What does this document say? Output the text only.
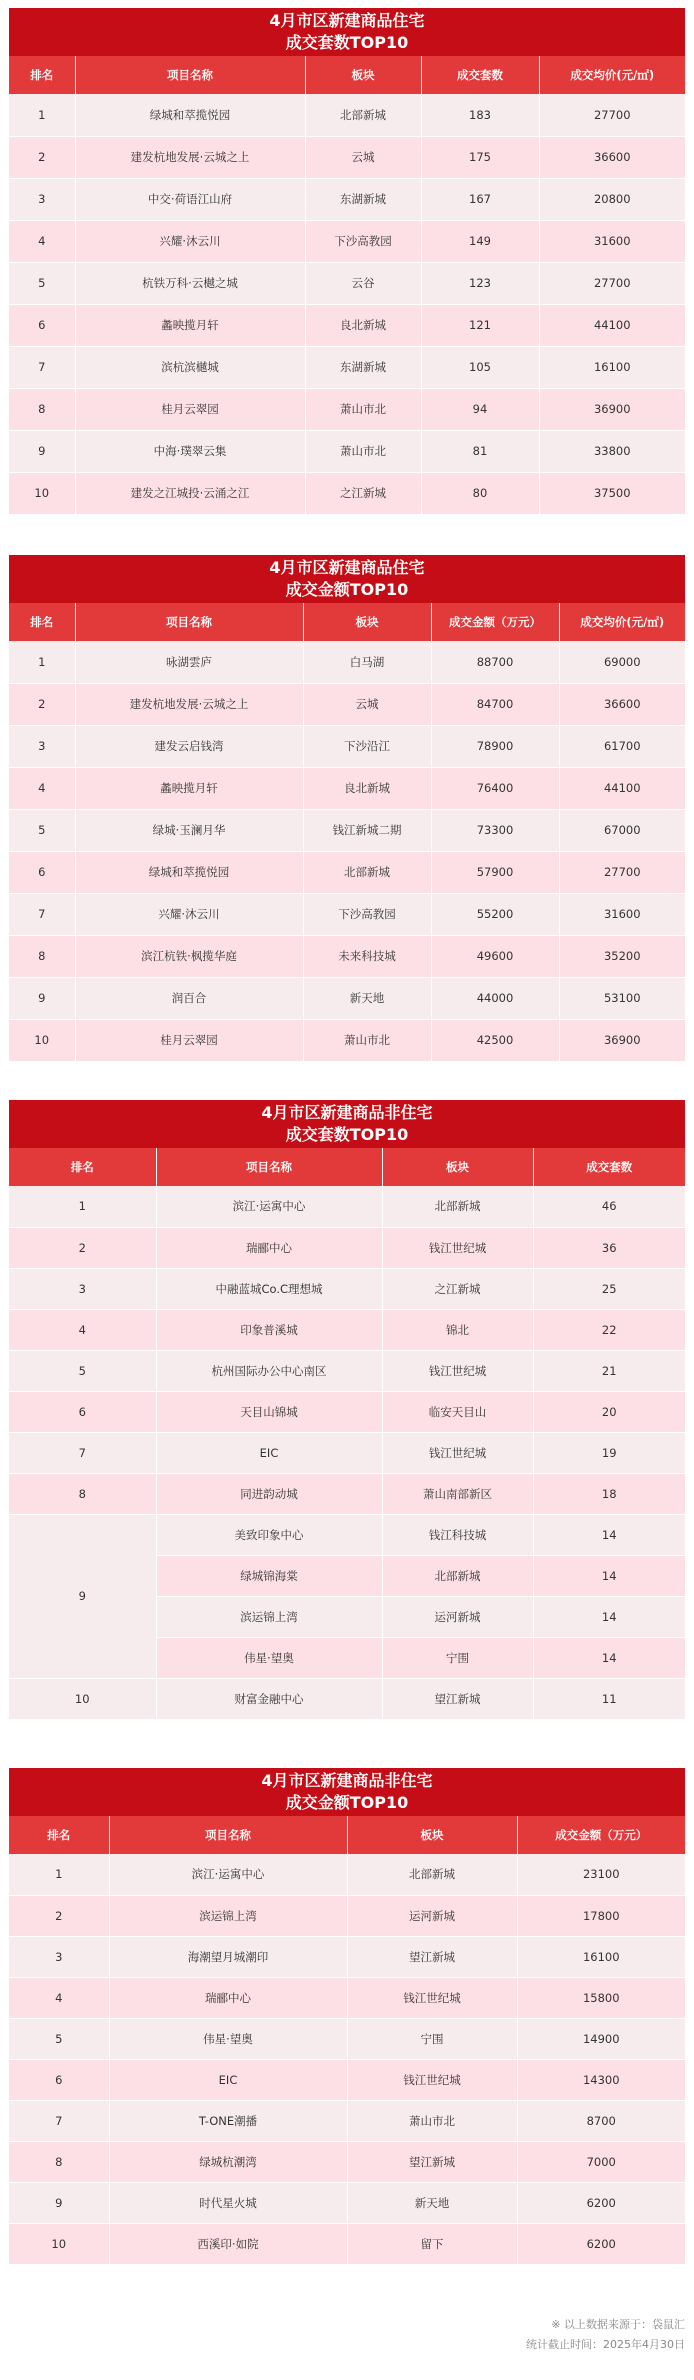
4月市区新建商品住宅
成交套数TOP10
排名	项目名称	板块	成交套数	成交均价(元/㎡)
1	绿城和萃揽悦园	北部新城	183	27700
2	建发杭地发展·云城之上	云城	175	36600
3	中交·荷语江山府	东湖新城	167	20800
4	兴耀·沐云川	下沙高教园	149	31600
5	杭铁万科·云樾之城	云谷	123	27700
6	蠡映揽月轩	良北新城	121	44100
7	滨杭滨樾城	东湖新城	105	16100
8	桂月云翠园	萧山市北	94	36900
9	中海·璞翠云集	萧山市北	81	33800
10	建发之江城投·云涌之江	之江新城	80	37500
4月市区新建商品住宅
成交金额TOP10
排名	项目名称	板块	成交金额（万元）	成交均价(元/㎡)
1	咏湖雲庐	白马湖	88700	69000
2	建发杭地发展·云城之上	云城	84700	36600
3	建发云启钱湾	下沙沿江	78900	61700
4	蠡映揽月轩	良北新城	76400	44100
5	绿城·玉澜月华	钱江新城二期	73300	67000
6	绿城和萃揽悦园	北部新城	57900	27700
7	兴耀·沐云川	下沙高教园	55200	31600
8	滨江杭铁·枫揽华庭	未来科技城	49600	35200
9	润百合	新天地	44000	53100
10	桂月云翠园	萧山市北	42500	36900
4月市区新建商品非住宅
成交套数TOP10
排名	项目名称	板块	成交套数
1	滨江·运寓中心	北部新城	46
2	瑞郦中心	钱江世纪城	36
3	中融蓝城Co.C理想城	之江新城	25
4	印象普溪城	锦北	22
5	杭州国际办公中心南区	钱江世纪城	21
6	天目山锦城	临安天目山	20
7	EIC	钱江世纪城	19
8	同进韵动城	萧山南部新区	18
9	美致印象中心	钱江科技城	14
	绿城锦海棠	北部新城	14
	滨运锦上湾	运河新城	14
	伟星·望奥	宁围	14
10	财富金融中心	望江新城	11
4月市区新建商品非住宅
成交金额TOP10
排名	项目名称	板块	成交金额（万元）
1	滨江·运寓中心	北部新城	23100
2	滨运锦上湾	运河新城	17800
3	海潮望月城潮印	望江新城	16100
4	瑞郦中心	钱江世纪城	15800
5	伟星·望奥	宁围	14900
6	EIC	钱江世纪城	14300
7	T-ONE潮播	萧山市北	8700
8	绿城杭潮湾	望江新城	7000
9	时代星火城	新天地	6200
10	西溪印·如院	留下	6200
※ 以上数据来源于：袋鼠汇
统计截止时间：2025年4月30日
